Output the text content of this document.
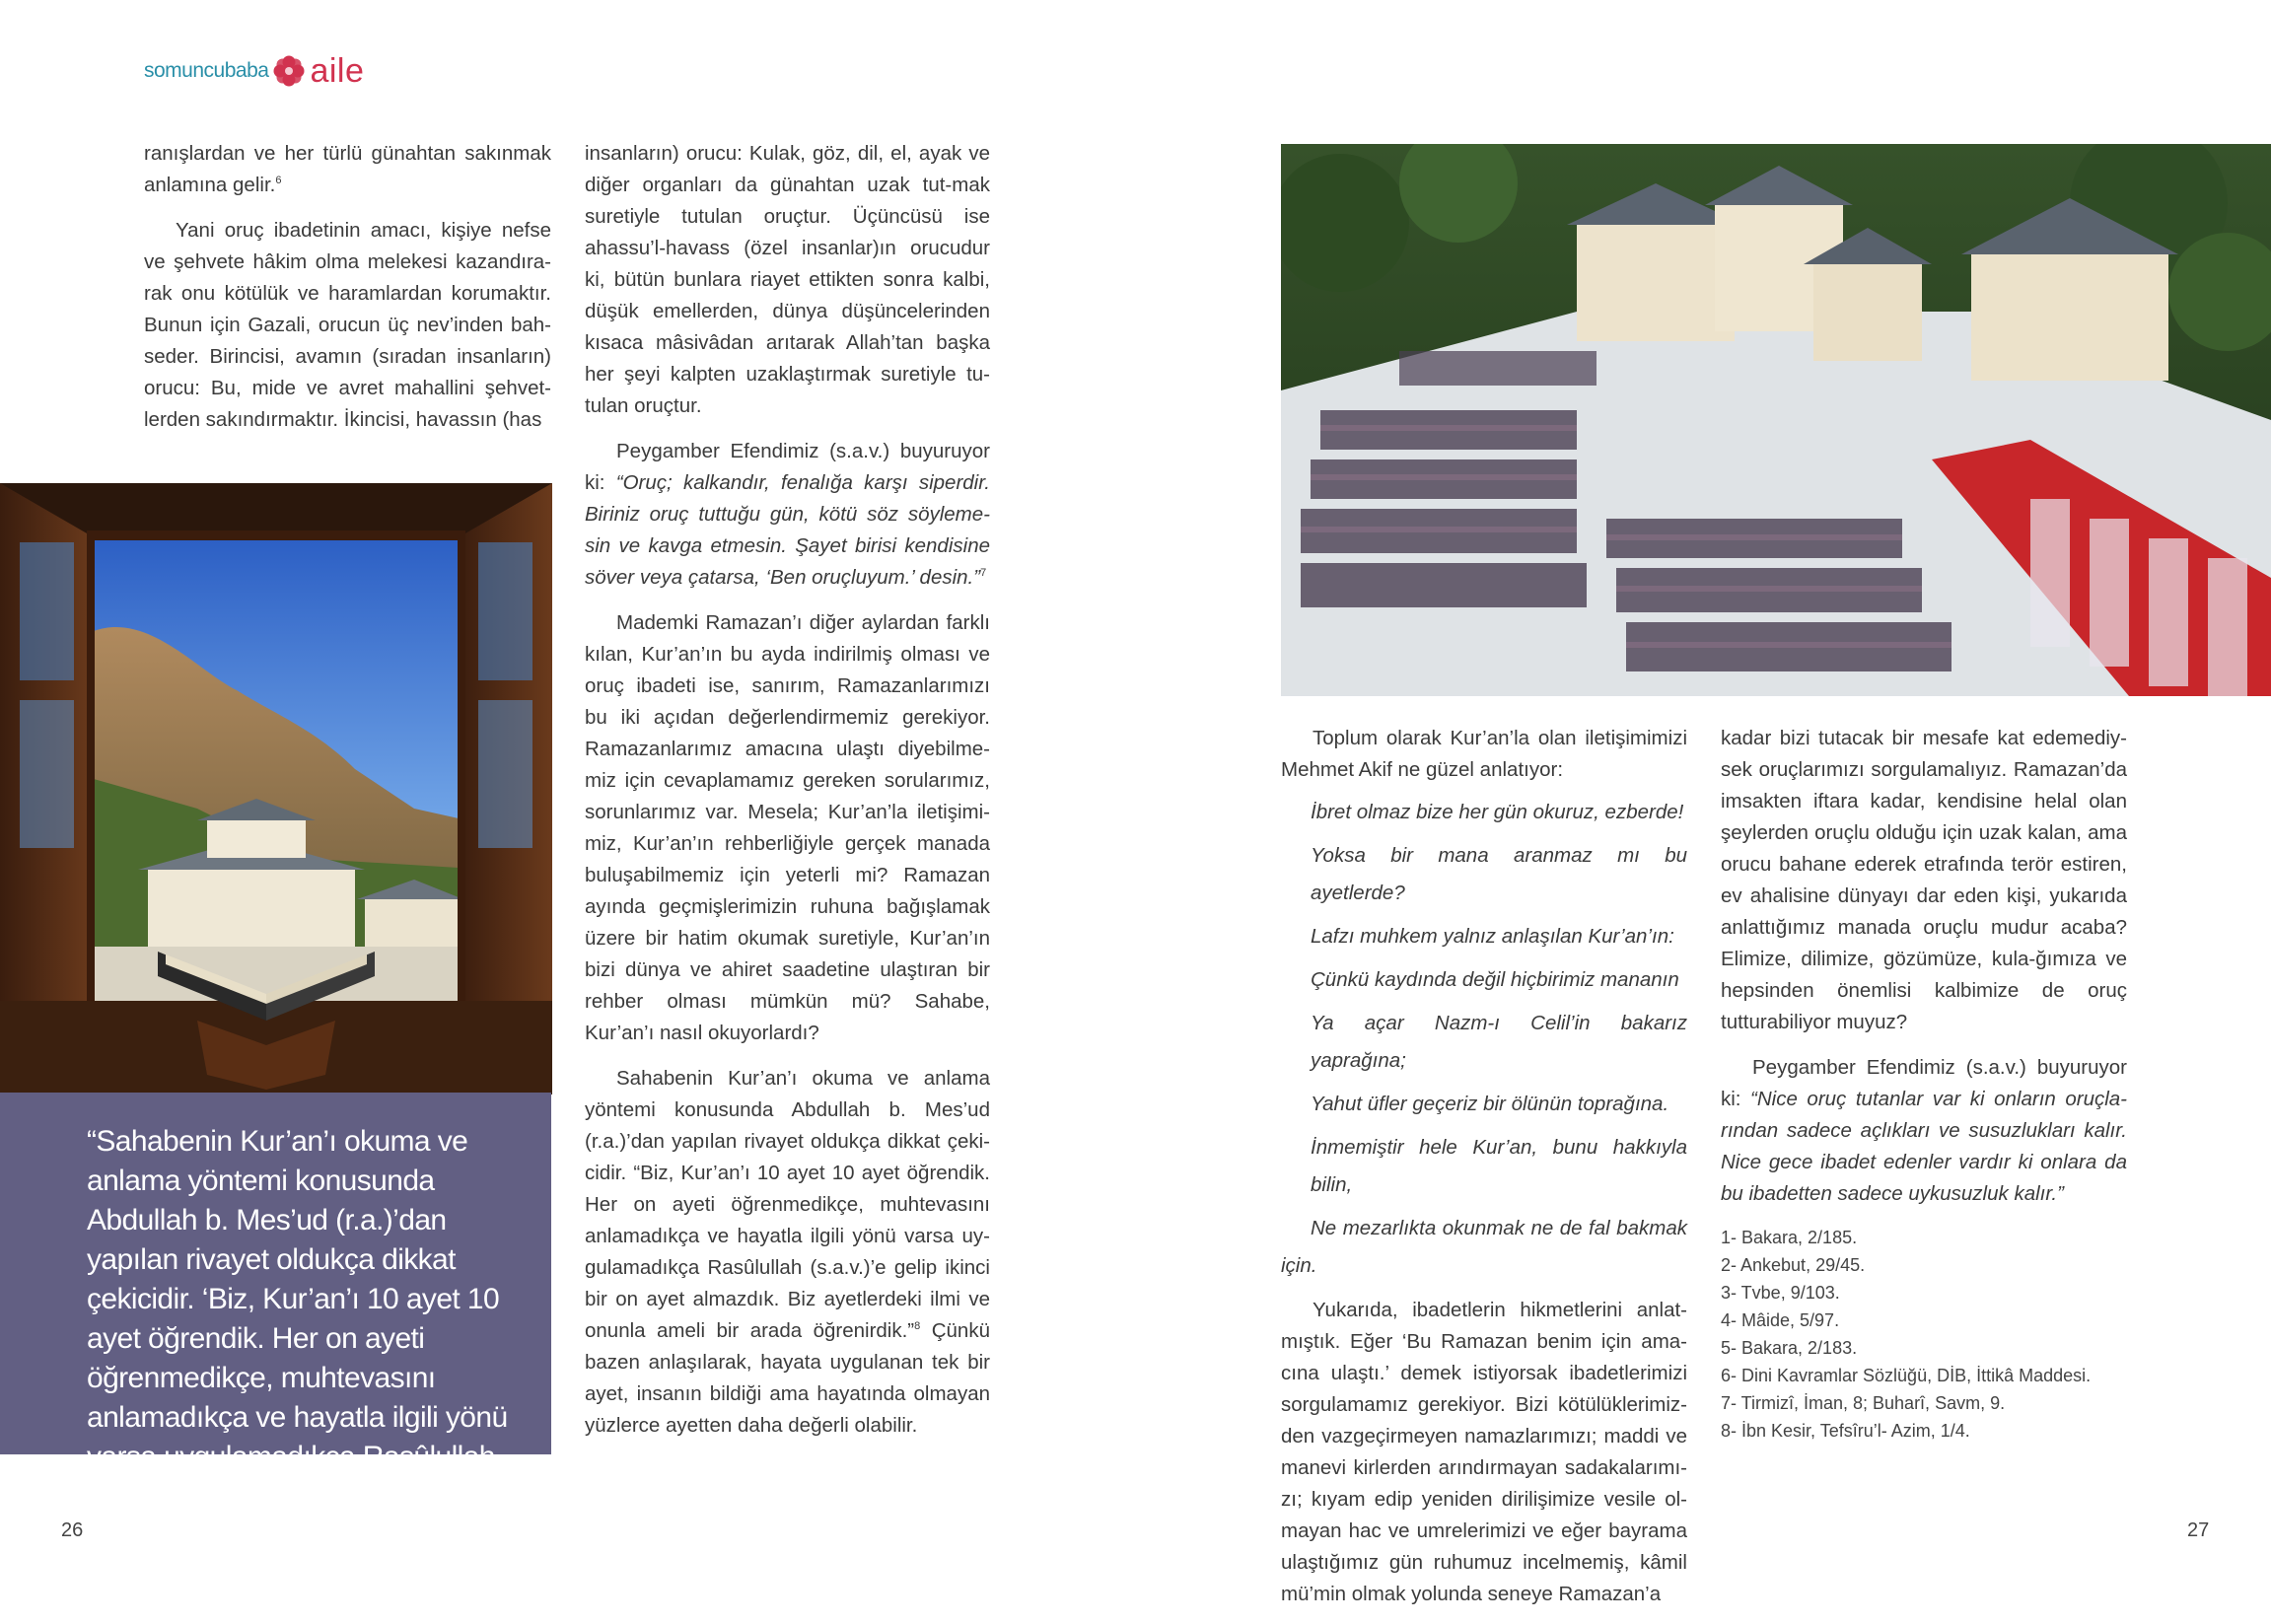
somuncubaba aile

ranışlardan ve her türlü günahtan sakınmak anlamına gelir.$^6$

Yani oruç ibadetinin amacı, kişiye nefse ve şehvete hâkim olma melekesi kazandıra-rak onu kötülük ve haramlardan korumaktır. Bunun için Gazali, orucun üç nev’inden bah-seder. Birincisi, avamın (sıradan insanların) orucu: Bu, mide ve avret mahallini şehvet-lerden sakındırmaktır. İkincisi, havassın (has

“Sahabenin Kur’an’ı okuma ve anlama yöntemi konusunda Abdullah b. Mes’ud (r.a.)’dan yapılan rivayet oldukça dikkat çekicidir. ‘Biz, Kur’an’ı 10 ayet 10 ayet öğrendik. Her on ayeti öğrenmedikçe, muhtevasını anlamadıkça ve hayatla ilgili yönü varsa uygulamadıkça Rasûlullah (s.a.v.)’e gelip ikinci bir on ayet almazdık.”

insanların) orucu: Kulak, göz, dil, el, ayak ve diğer organları da günahtan uzak tut-mak suretiyle tutulan oruçtur. Üçüncüsü ise ahassu’l-havass (özel insanlar)ın orucudur ki, bütün bunlara riayet ettikten sonra kalbi, düşük emellerden, dünya düşüncelerinden kısaca mâsivâdan arıtarak Allah’tan başka her şeyi kalpten uzaklaştırmak suretiyle tu-tulan oruçtur.

Peygamber Efendimiz (s.a.v.) buyuruyor ki: “Oruç; kalkandır, fenalığa karşı siperdir. Biriniz oruç tuttuğu gün, kötü söz söyleme-sin ve kavga etmesin. Şayet birisi kendisine söver veya çatarsa, ‘Ben oruçluyum.’ desin.”$^7$

Mademki Ramazan’ı diğer aylardan farklı kılan, Kur’an’ın bu ayda indirilmiş olması ve oruç ibadeti ise, sanırım, Ramazanlarımızı bu iki açıdan değerlendirmemiz gerekiyor. Ramazanlarımız amacına ulaştı diyebilme-miz için cevaplamamız gereken sorularımız, sorunlarımız var. Mesela; Kur’an’la iletişimi-miz, Kur’an’ın rehberliğiyle gerçek manada buluşabilmemiz için yeterli mi? Ramazan ayında geçmişlerimizin ruhuna bağışlamak üzere bir hatim okumak suretiyle, Kur’an’ın bizi dünya ve ahiret saadetine ulaştıran bir rehber olması mümkün mü? Sahabe, Kur’an’ı nasıl okuyorlardı?

Sahabenin Kur’an’ı okuma ve anlama yöntemi konusunda Abdullah b. Mes’ud (r.a.)’dan yapılan rivayet oldukça dikkat çeki-cidir. “Biz, Kur’an’ı 10 ayet 10 ayet öğrendik. Her on ayeti öğrenmedikçe, muhtevasını anlamadıkça ve hayatla ilgili yönü varsa uy-gulamadıkça Rasûlullah (s.a.v.)’e gelip ikinci bir on ayet almazdık. Biz ayetlerdeki ilmi ve onunla ameli bir arada öğrenirdik.”$^8$ Çünkü bazen anlaşılarak, hayata uygulanan tek bir ayet, insanın bildiği ama hayatında olmayan yüzlerce ayetten daha değerli olabilir.

26

Toplum olarak Kur’an’la olan iletişimimizi Mehmet Akif ne güzel anlatıyor:

İbret olmaz bize her gün okuruz, ezberde!

Yoksa bir mana aranmaz mı bu ayetlerde?

Lafzı muhkem yalnız anlaşılan Kur’an’ın:

Çünkü kaydında değil hiçbirimiz mananın

Ya açar Nazm-ı Celil’in bakarız yaprağına;

Yahut üfler geçeriz bir ölünün toprağına.

İnmemiştir hele Kur’an, bunu hakkıyla bilin,

Ne mezarlıkta okunmak ne de fal bakmak için.

Yukarıda, ibadetlerin hikmetlerini anlat-mıştık. Eğer ‘Bu Ramazan benim için ama-cına ulaştı.’ demek istiyorsak ibadetlerimizi sorgulamamız gerekiyor. Bizi kötülüklerimiz-den vazgeçirmeyen namazlarımızı; maddi ve manevi kirlerden arındırmayan sadakalarımı-zı; kıyam edip yeniden dirilişimize vesile ol-mayan hac ve umrelerimizi ve eğer bayrama ulaştığımız gün ruhumuz incelmemiş, kâmil mü’min olmak yolunda seneye Ramazan’a

kadar bizi tutacak bir mesafe kat edemediy-sek oruçlarımızı sorgulamalıyız. Ramazan’da imsakten iftara kadar, kendisine helal olan şeylerden oruçlu olduğu için uzak kalan, ama orucu bahane ederek etrafında terör estiren, ev ahalisine dünyayı dar eden kişi, yukarıda anlattığımız manada oruçlu mudur acaba? Elimize, dilimize, gözümüze, kula-ğımıza ve hepsinden önemlisi kalbimize de oruç tutturabiliyor muyuz?

Peygamber Efendimiz (s.a.v.) buyuruyor ki: “Nice oruç tutanlar var ki onların oruçla-rından sadece açlıkları ve susuzlukları kalır. Nice gece ibadet edenler vardır ki onlara da bu ibadetten sadece uykusuzluk kalır.”

1- Bakara, 2/185.
2- Ankebut, 29/45.
3- Tvbe, 9/103.
4- Mâide, 5/97.
5- Bakara, 2/183.
6- Dini Kavramlar Sözlüğü, DİB, İttikâ Maddesi.
7- Tirmizî, İman, 8; Buharî, Savm, 9.
8- İbn Kesir, Tefsîru’l- Azim, 1/4.
27
